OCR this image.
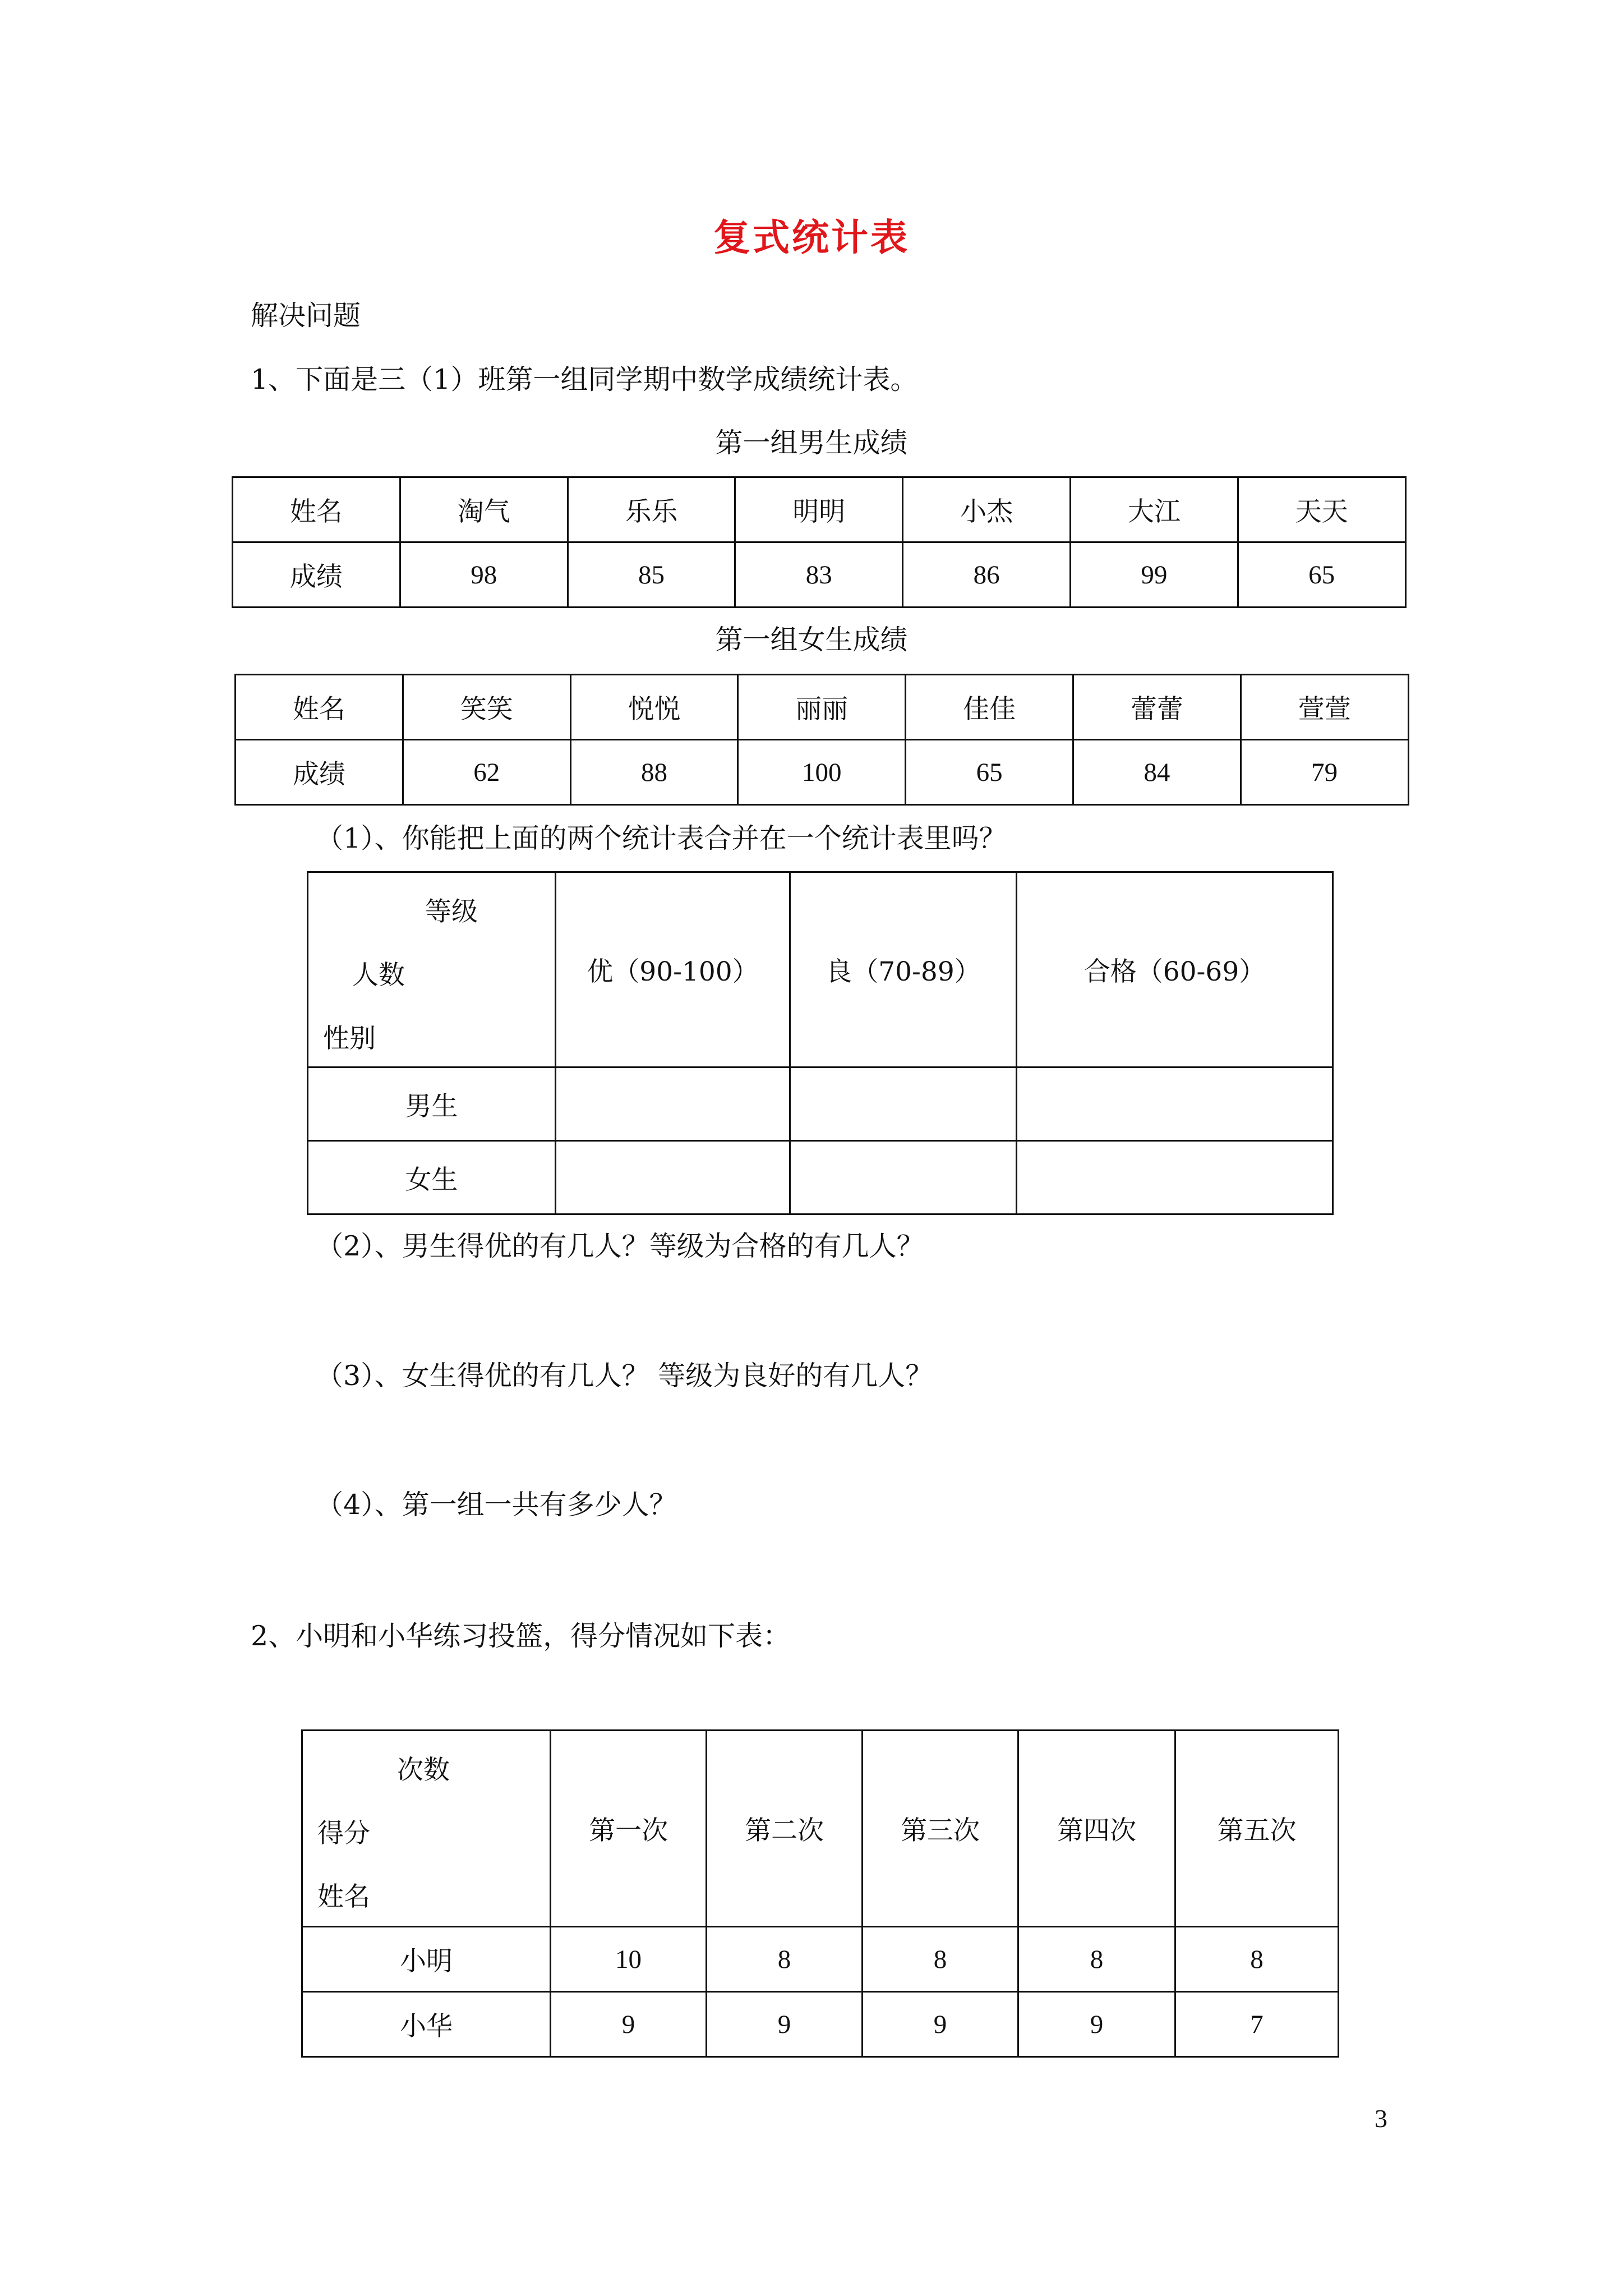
复式统计表
解决问题
1、下面是三（1）班第一组同学期中数学成绩统计表。
第一组男生成绩
姓名	淘气	乐乐	明明	小杰	大江	天天
成绩	98	85	83	86	99	65
第一组女生成绩
姓名	笑笑	悦悦	丽丽	佳佳	蕾蕾	萱萱
成绩	62	88	100	65	84	79
（1）、你能把上面的两个统计表合并在一个统计表里吗？
等级
人数
性别	优（90-100）	良（70-89）	合格（60-69）
男生			
女生			
（2）、男生得优的有几人？等级为合格的有几人？
（3）、女生得优的有几人？ 等级为良好的有几人？
（4）、第一组一共有多少人？
2、小明和小华练习投篮，得分情况如下表：
次数
得分
姓名	第一次	第二次	第三次	第四次	第五次
小明	10	8	8	8	8
小华	9	9	9	9	7
3
